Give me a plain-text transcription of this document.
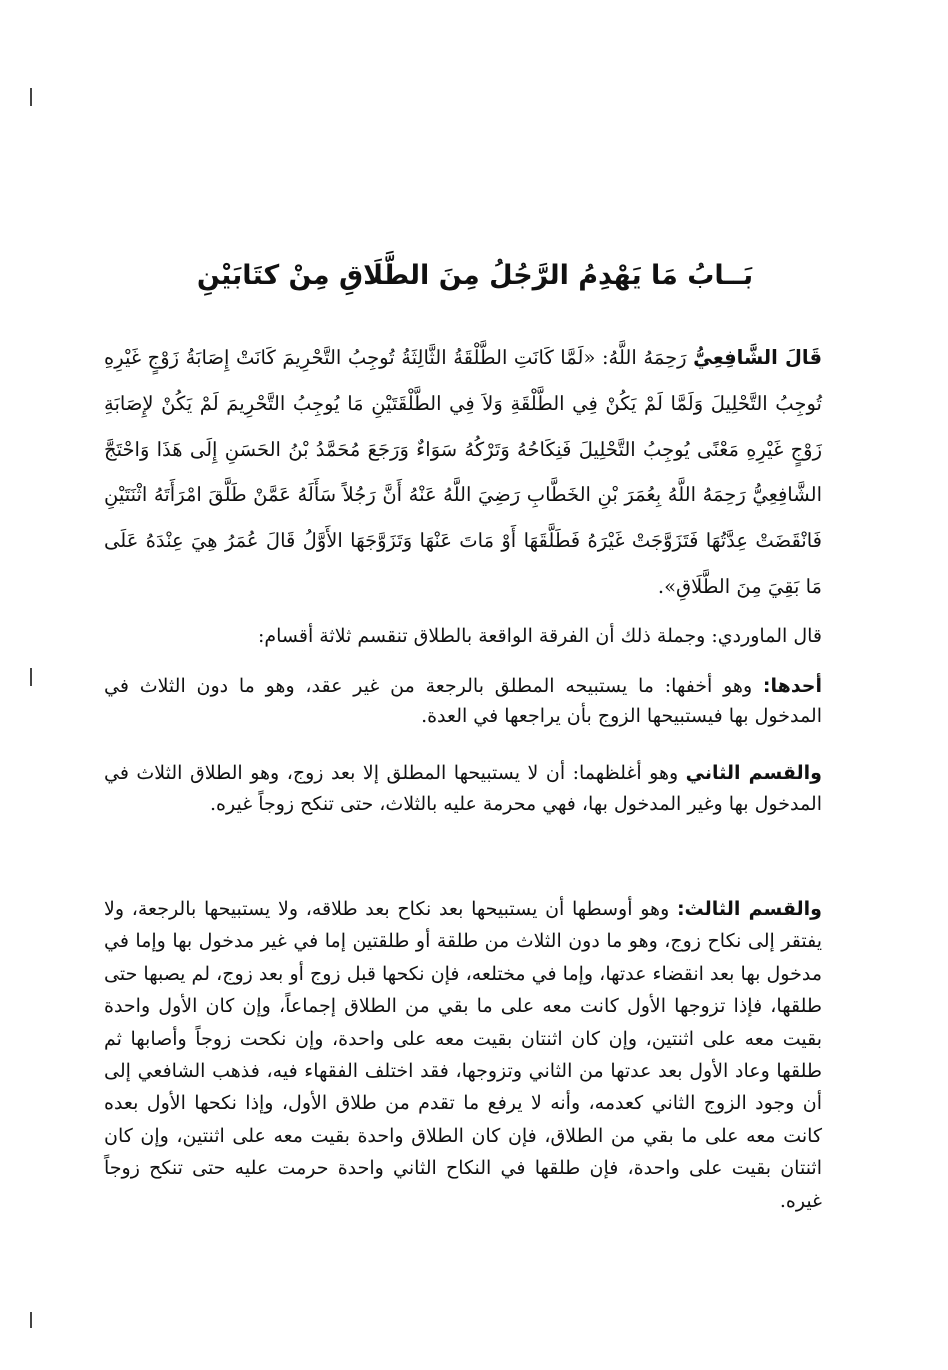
بَــابُ مَا يَهْدِمُ الرَّجُلُ مِنَ الطَّلَاقِ مِنْ كتَابَيْنِ

قَالَ الشَّافِعِيُّ رَحِمَهُ اللَّهُ: «لَمَّا كَانَتِ الطَّلْقَةُ الثَّالِثَةُ تُوجِبُ التَّحْرِيمَ كَانَتْ إِصَابَةُ زَوْجٍ غَيْرِهِ تُوجِبُ التَّحْلِيلَ وَلَمَّا لَمْ يَكُنْ فِي الطَّلْقَةِ وَلاَ فِي الطَّلْقَتَيْنِ مَا يُوجِبُ التَّحْرِيمَ لَمْ يَكُنْ لإِصَابَةِ زَوْجٍ غَيْرِهِ مَعْنًى يُوجِبُ التَّحْلِيلَ فَنِكَاحُهُ وَتَرْكُهُ سَوَاءٌ وَرَجَعَ مُحَمَّدُ بْنُ الحَسَنِ إِلَى هَذَا وَاحْتَجَّ الشَّافِعِيُّ رَحِمَهُ اللَّهُ بِعُمَرَ بْنِ الخَطَّابِ رَضِيَ اللَّهُ عَنْهُ أَنَّ رَجُلاً سَأَلَهُ عَمَّنْ طَلَّقَ امْرَأَتَهُ اثْنَتَيْنِ فَانْقَضَتْ عِدَّتُهَا فَتَزَوَّجَتْ غَيْرَهُ فَطَلَّقَهَا أَوْ مَاتَ عَنْهَا وَتَزَوَّجَهَا الأَوَّلُ قَالَ عُمَرُ هِيَ عِنْدَهُ عَلَى مَا بَقِيَ مِنَ الطَّلَاقِ».

قال الماوردي: وجملة ذلك أن الفرقة الواقعة بالطلاق تنقسم ثلاثة أقسام:

أحدها: وهو أخفها: ما يستبيحه المطلق بالرجعة من غير عقد، وهو ما دون الثلاث في المدخول بها فيستبيحها الزوج بأن يراجعها في العدة.

والقسم الثاني وهو أغلظهما: أن لا يستبيحها المطلق إلا بعد زوج، وهو الطلاق الثلاث في المدخول بها وغير المدخول بها، فهي محرمة عليه بالثلاث، حتى تنكح زوجاً غيره.

والقسم الثالث: وهو أوسطها أن يستبيحها بعد نكاح بعد طلاقه، ولا يستبيحها بالرجعة، ولا يفتقر إلى نكاح زوج، وهو ما دون الثلاث من طلقة أو طلقتين إما في غير مدخول بها وإما في مدخول بها بعد انقضاء عدتها، وإما في مختلعه، فإن نكحها قبل زوج أو بعد زوج، لم يصبها حتى طلقها، فإذا تزوجها الأول كانت معه على ما بقي من الطلاق إجماعاً، وإن كان الأول واحدة بقيت معه على اثنتين، وإن كان اثنتان بقيت معه على واحدة، وإن نكحت زوجاً وأصابها ثم طلقها وعاد الأول بعد عدتها من الثاني وتزوجها، فقد اختلف الفقهاء فيه، فذهب الشافعي إلى أن وجود الزوج الثاني كعدمه، وأنه لا يرفع ما تقدم من طلاق الأول، وإذا نكحها الأول بعده كانت معه على ما بقي من الطلاق، فإن كان الطلاق واحدة بقيت معه على اثنتين، وإن كان اثنتان بقيت على واحدة، فإن طلقها في النكاح الثاني واحدة حرمت عليه حتى تنكح زوجاً غيره.
